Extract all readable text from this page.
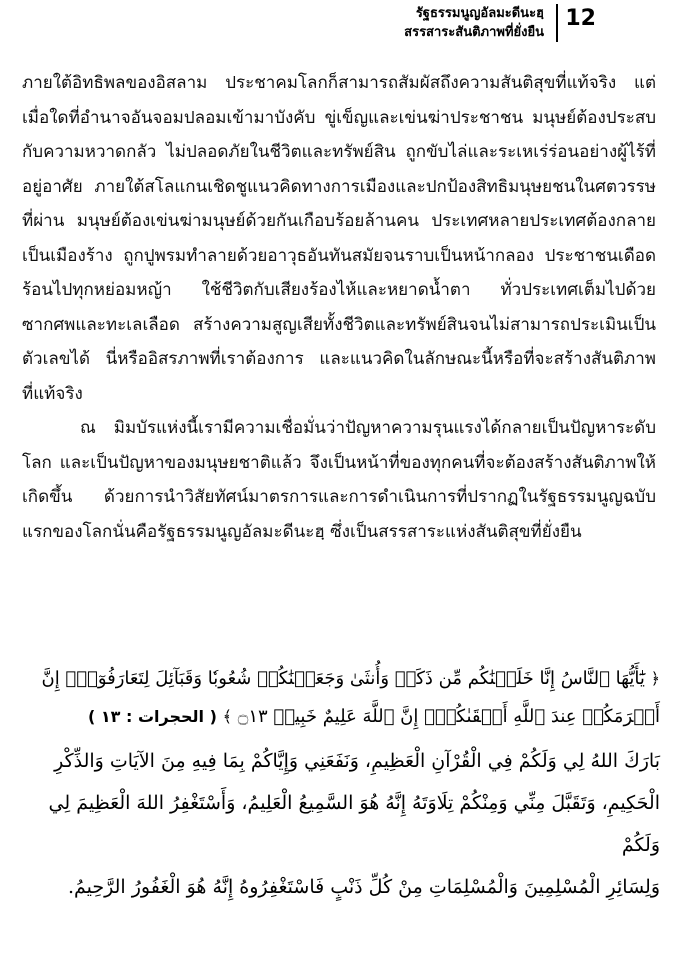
รัฐธรรมนูญอัลมะดีนะฮฺ
สรรสาระสันติภาพที่ยั่งยืน
12

ภายใต้อิทธิพลของอิสลาม ประชาคมโลกก็สามารถสัมผัสถึงความสันติสุขที่แท้จริง แต่เมื่อใดที่อำนาจอันจอมปลอมเข้ามาบังคับ ขู่เข็ญและเข่นฆ่าประชาชน มนุษย์ต้องประสบกับความหวาดกลัว ไม่ปลอดภัยในชีวิตและทรัพย์สิน ถูกขับไล่และระเหเร่ร่อนอย่างผู้ไร้ที่อยู่อาศัย ภายใต้สโลแกนเชิดชูแนวคิดทางการเมืองและปกป้องสิทธิมนุษยชนในศตวรรษที่ผ่าน มนุษย์ต้องเข่นฆ่ามนุษย์ด้วยกันเกือบร้อยล้านคน ประเทศหลายประเทศต้องกลายเป็นเมืองร้าง ถูกปูพรมทำลายด้วยอาวุธอันทันสมัยจนราบเป็นหน้ากลอง ประชาชนเดือดร้อนไปทุกหย่อมหญ้า ใช้ชีวิตกับเสียงร้องไห้และหยาดน้ำตา ทั่วประเทศเต็มไปด้วยซากศพและทะเลเลือด สร้างความสูญเสียทั้งชีวิตและทรัพย์สินจนไม่สามารถประเมินเป็นตัวเลขได้ นี่หรืออิสรภาพที่เราต้องการ และแนวคิดในลักษณะนี้หรือที่จะสร้างสันติภาพที่แท้จริง

ณ มิมบัรแห่งนี้เรามีความเชื่อมั่นว่าปัญหาความรุนแรงได้กลายเป็นปัญหาระดับโลก และเป็นปัญหาของมนุษยชาติแล้ว จึงเป็นหน้าที่ของทุกคนที่จะต้องสร้างสันติภาพให้เกิดขึ้น ด้วยการนำวิสัยทัศน์มาตรการและการดำเนินการที่ปรากฏในรัฐธรรมนูญฉบับแรกของโลกนั่นคือรัฐธรรมนูญอัลมะดีนะฮฺ ซึ่งเป็นสรรสาระแห่งสันติสุขที่ยั่งยืน

﴿ يَٰٓأَيُّهَا ٱلنَّاسُ إِنَّا خَلَقۡنَٰكُم مِّن ذَكَرٖ وَأُنثَىٰ وَجَعَلۡنَٰكُمۡ شُعُوبٗا وَقَبَآئِلَ لِتَعَارَفُوٓاْۚ إِنَّ أَكۡرَمَكُمۡ عِندَ ٱللَّهِ أَتۡقَىٰكُمۡۚ إِنَّ ٱللَّهَ عَلِيمٌ خَبِيرٞ ۝١٣ ﴾ ( الحجرات : ١٣ )

بَارَكَ اللهُ لِي وَلَكُمْ فِي الْقُرْآنِ الْعَظِيمِ، وَنَفَعَنِي وَإِيَّاكُمْ بِمَا فِيهِ مِنَ الآيَاتِ وَالذِّكْرِ

الْحَكِيمِ، وَتَقَبَّلَ مِنِّي وَمِنْكُمْ تِلَاوَتَهُ إِنَّهُ هُوَ السَّمِيعُ الْعَلِيمُ، وَأَسْتَغْفِرُ اللهَ الْعَظِيمَ لِي وَلَكُمْ

وَلِسَائِرِ الْمُسْلِمِينَ وَالْمُسْلِمَاتِ مِنْ كُلِّ ذَنْبٍ فَاسْتَغْفِرُوهُ إِنَّهُ هُوَ الْغَفُورُ الرَّحِيمُ.
